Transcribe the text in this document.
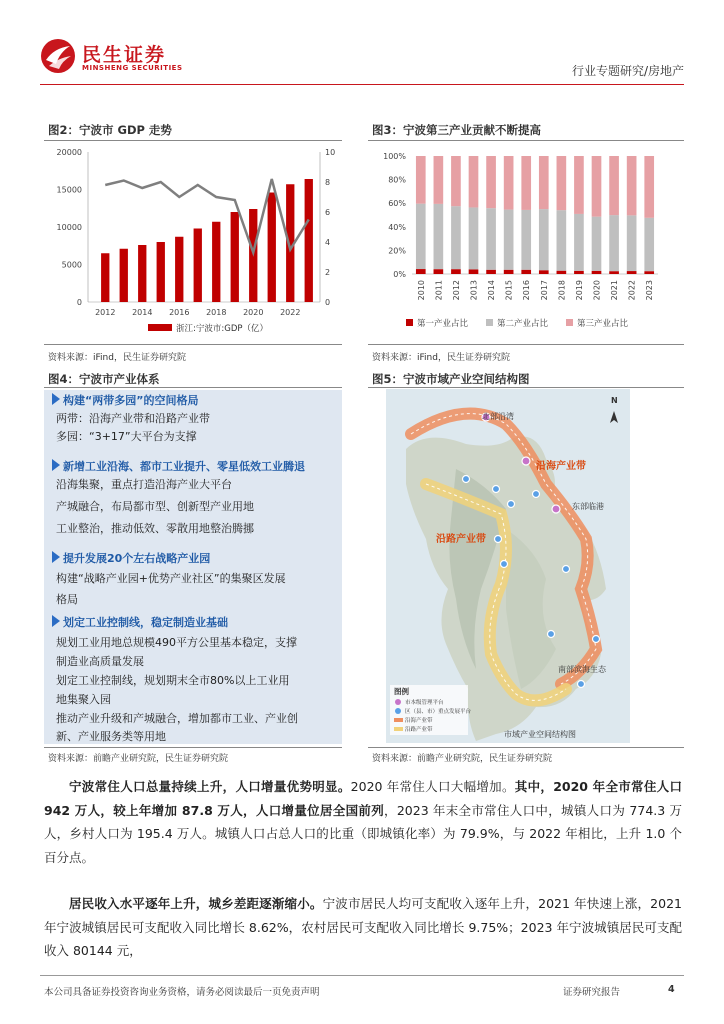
民生证券
MINSHENG SECURITIES	行业专题研究/房地产
图2：宁波市 GDP 走势
0
5000
10000
15000
20000
0
2
4
6
8
10
2012 2014 2016 2018 2020 2022
浙江:宁波市:GDP（亿）
资料来源：iFind，民生证券研究院
图3：宁波第三产业贡献不断提高
0%
20%
40%
60%
80%
100%
2010 2011 2012 2013 2014 2015 2016 2017 2018 2019 2020 2021 2022 2023
第一产业占比	第二产业占比	第三产业占比
资料来源：iFind，民生证券研究院
图4：宁波市产业体系
构建“两带多园”的空间格局
两带：沿海产业带和沿路产业带
多园：“3+17”大平台为支撑
新增工业沿海、都市工业提升、零星低效工业腾退
沿海集聚，重点打造沿海产业大平台
产城融合，布局都市型、创新型产业用地
工业整治，推动低效、零散用地整治腾挪
提升发展20个左右战略产业园
构建“战略产业园+优势产业社区”的集聚区发展
格局
划定工业控制线，稳定制造业基础
规划工业用地总规模490平方公里基本稳定，支撑
制造业高质量发展
划定工业控制线，规划期末全市80%以上工业用
地集聚入园
推动产业升级和产城融合，增加都市工业、产业创
新、产业服务类等用地
资料来源：前瞻产业研究院，民生证券研究院
图5：宁波市域产业空间结构图
北部沿湾
沿海产业带
东部临港
沿路产业带
南部滨海生态
N
图例
市本级管理平台
区（县、市）重点发展平台
沿海产业带
沿路产业带	市域产业空间结构图
资料来源：前瞻产业研究院，民生证券研究院
宁波常住人口总量持续上升，人口增量优势明显。2020 年常住人口大幅增加。其中，2020 年全市常住人口 942 万人，较上年增加 87.8 万人，人口增量位居全国前列，2023 年末全市常住人口中，城镇人口为 774.3 万人，乡村人口为 195.4 万人。城镇人口占总人口的比重（即城镇化率）为 79.9%，与 2022 年相比，上升 1.0 个百分点。
居民收入水平逐年上升，城乡差距逐渐缩小。宁波市居民人均可支配收入逐年上升，2021 年快速上涨，2021 年宁波城镇居民可支配收入同比增长 8.62%，农村居民可支配收入同比增长 9.75%；2023 年宁波城镇居民可支配收入 80144 元，
本公司具备证券投资咨询业务资格，请务必阅读最后一页免责声明	证券研究报告	4
